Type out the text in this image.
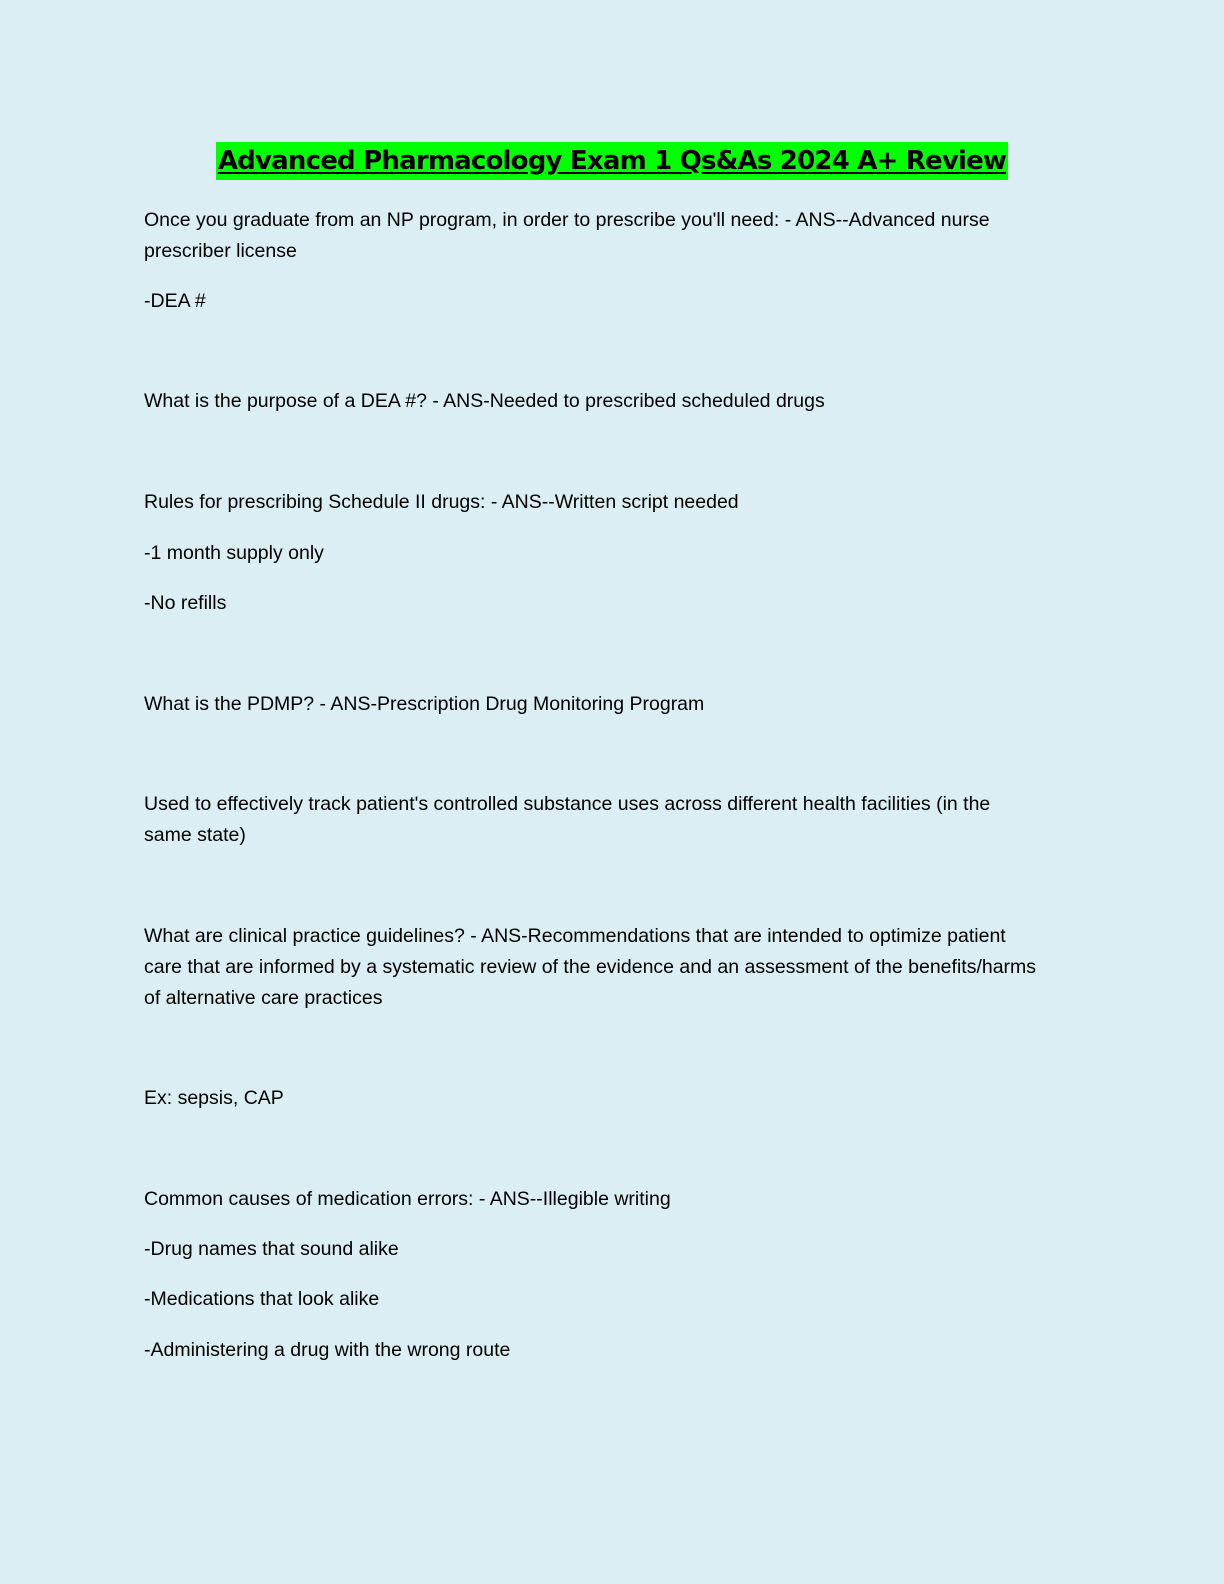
Advanced Pharmacology Exam 1 Qs&As 2024 A+ Review
Once you graduate from an NP program, in order to prescribe you'll need: - ANS--Advanced nurse
prescriber license
-DEA #
What is the purpose of a DEA #? - ANS-Needed to prescribed scheduled drugs
Rules for prescribing Schedule II drugs: - ANS--Written script needed
-1 month supply only
-No refills
What is the PDMP? - ANS-Prescription Drug Monitoring Program
Used to effectively track patient's controlled substance uses across different health facilities (in the
same state)
What are clinical practice guidelines? - ANS-Recommendations that are intended to optimize patient
care that are informed by a systematic review of the evidence and an assessment of the benefits/harms
of alternative care practices
Ex: sepsis, CAP
Common causes of medication errors: - ANS--Illegible writing
-Drug names that sound alike
-Medications that look alike
-Administering a drug with the wrong route
